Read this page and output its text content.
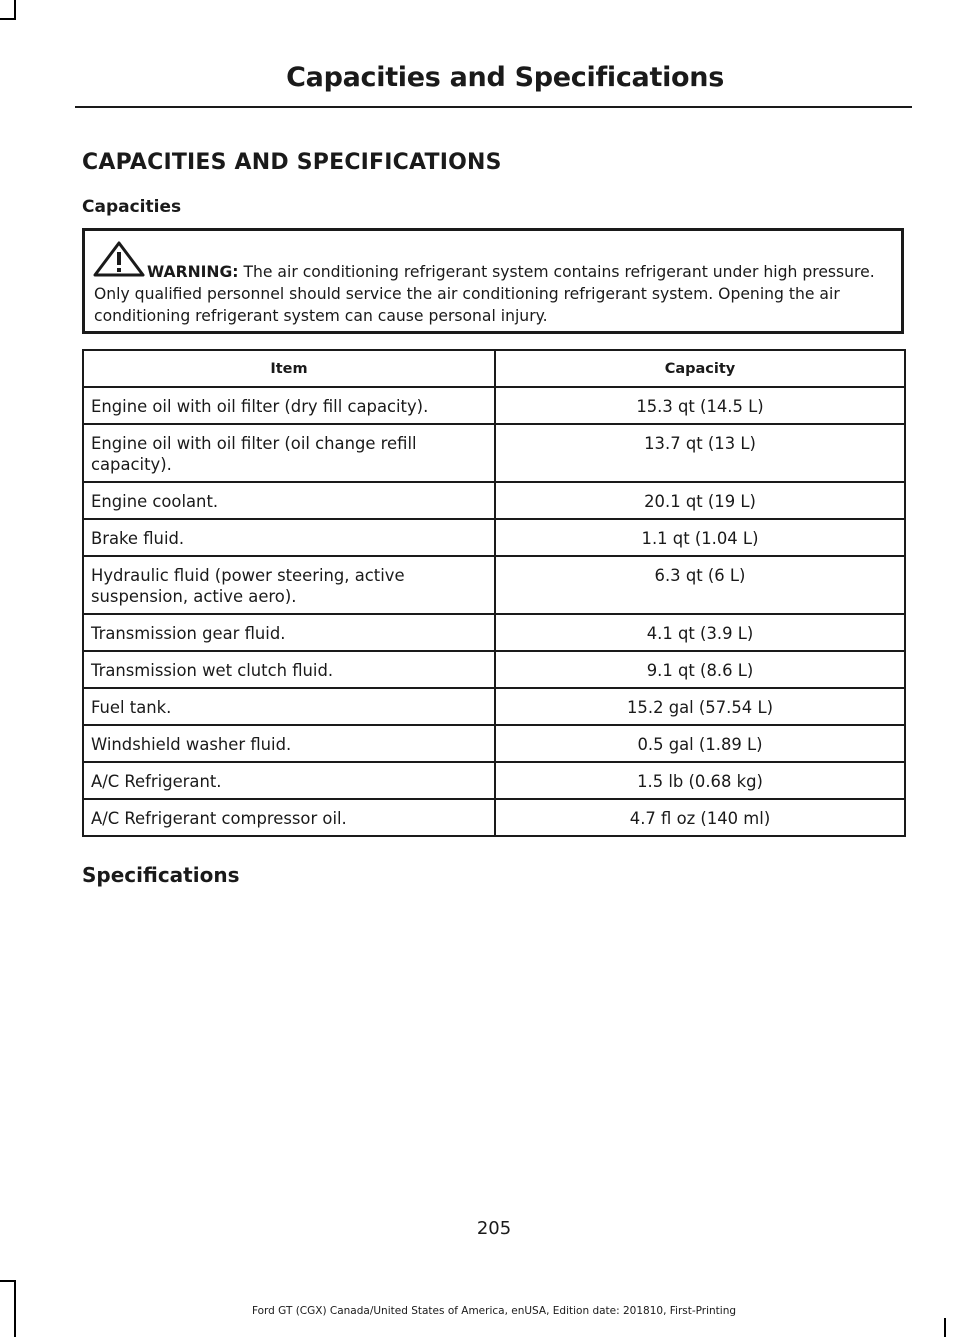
Capacities and Specifications
CAPACITIES AND SPECIFICATIONS
Capacities
WARNING: The air conditioning refrigerant system contains refrigerant under high pressure. Only qualified personnel should service the air conditioning refrigerant system. Opening the air conditioning refrigerant system can cause personal injury.
Item	Capacity
Engine oil with oil filter (dry fill capacity).	15.3 qt (14.5 L)
Engine oil with oil filter (oil change refill capacity).	13.7 qt (13 L)
Engine coolant.	20.1 qt (19 L)
Brake fluid.	1.1 qt (1.04 L)
Hydraulic fluid (power steering, active suspension, active aero).	6.3 qt (6 L)
Transmission gear fluid.	4.1 qt (3.9 L)
Transmission wet clutch fluid.	9.1 qt (8.6 L)
Fuel tank.	15.2 gal (57.54 L)
Windshield washer fluid.	0.5 gal (1.89 L)
A/C Refrigerant.	1.5 lb (0.68 kg)
A/C Refrigerant compressor oil.	4.7 fl oz (140 ml)
Specifications
205
Ford GT (CGX) Canada/United States of America, enUSA, Edition date: 201810, First-Printing
